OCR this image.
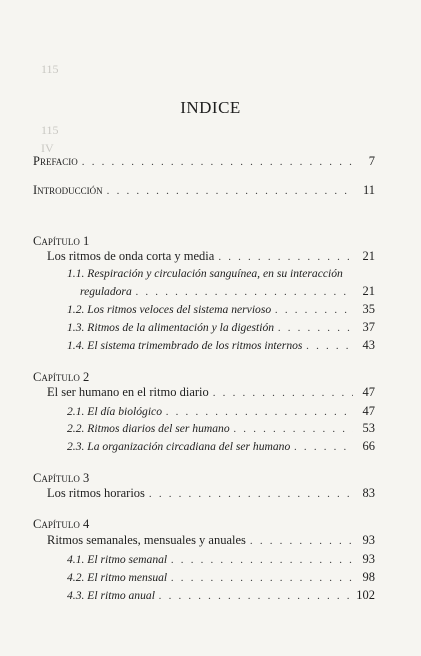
115
115
IV
INDICE
Prefacio . . .	7
Introducción . . .	11
Capítulo 1
Los ritmos de onda corta y media . . .	21
1.1. Respiración y circulación sanguínea, en su interacción
reguladora . . .	21
1.2. Los ritmos veloces del sistema nervioso . . .	35
1.3. Ritmos de la alimentación y la digestión . . .	37
1.4. El sistema trimembrado de los ritmos internos . . .	43
Capítulo 2
El ser humano en el ritmo diario . . .	47
2.1. El día biológico . . .	47
2.2. Ritmos diarios del ser humano . . .	53
2.3. La organización circadiana del ser humano . . .	66
Capítulo 3
Los ritmos horarios . . .	83
Capítulo 4
Ritmos semanales, mensuales y anuales . . .	93
4.1. El ritmo semanal . . .	93
4.2. El ritmo mensual . . .	98
4.3. El ritmo anual . . .	102
